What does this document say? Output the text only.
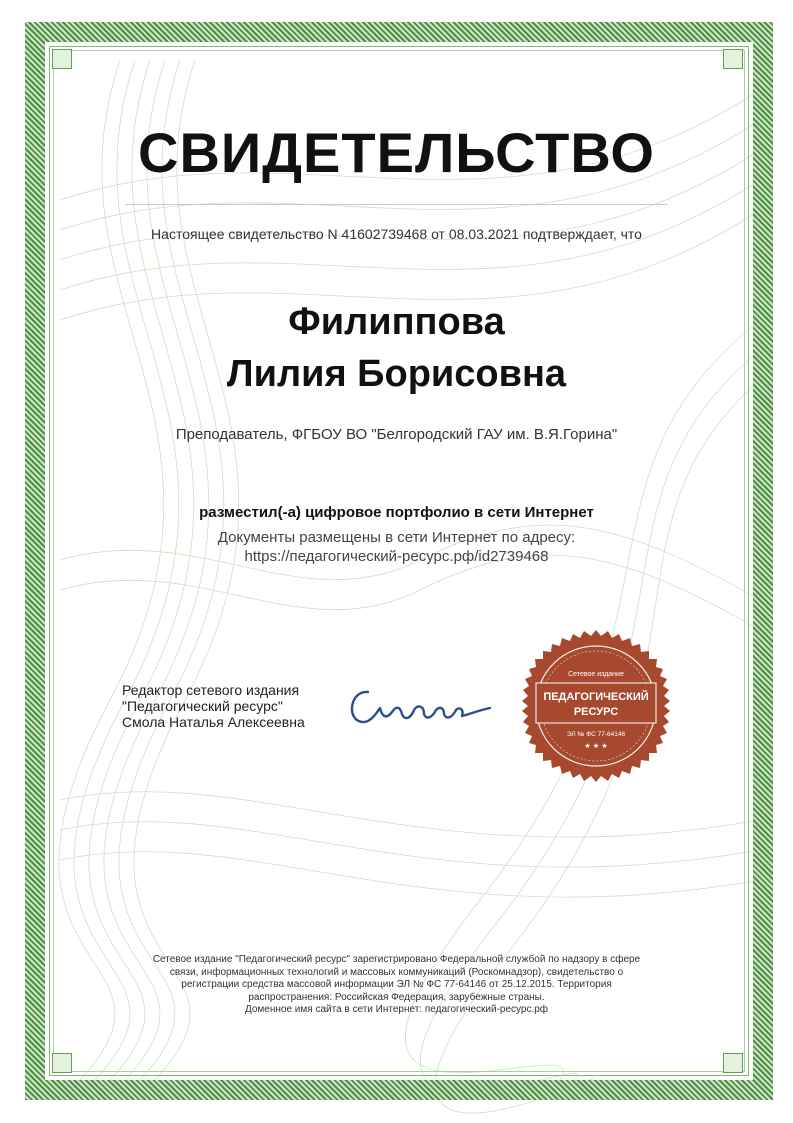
СВИДЕТЕЛЬСТВО
Настоящее свидетельство N 41602739468 от 08.03.2021 подтверждает, что
Филиппова
Лилия Борисовна
Преподаватель, ФГБОУ ВО "Белгородский ГАУ им. В.Я.Горина"
разместил(-а) цифровое портфолио в сети Интернет
Документы размещены в сети Интернет по адресу:
https://педагогический-ресурс.рф/id2739468
Редактор сетевого издания
"Педагогический ресурс"
Смола Наталья Алексеевна
Сетевое издание
ПЕДАГОГИЧЕСКИЙ
РЕСУРС
ЭЛ № ФС 77-64146
★ ★ ★
Сетевое издание "Педагогический ресурс" зарегистрировано Федеральной службой по надзору в сфере
связи, информационных технологий и массовых коммуникаций (Роскомнадзор), свидетельство о
регистрации средства массовой информации ЭЛ № ФС 77-64146 от 25.12.2015. Территория
распространения: Российская Федерация, зарубежные страны.
Доменное имя сайта в сети Интернет: педагогический-ресурс.рф
